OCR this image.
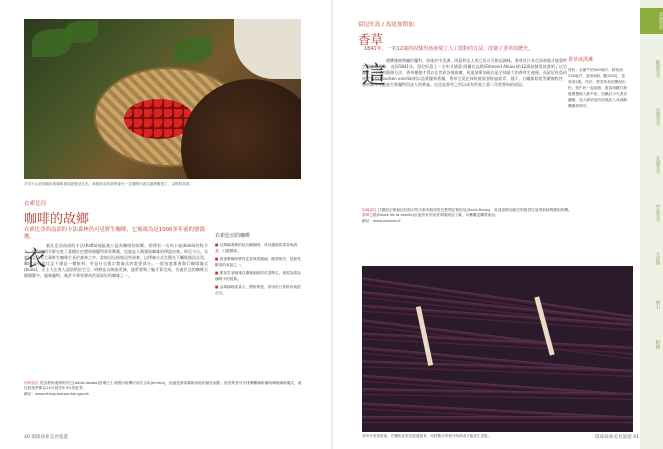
辛苦小心的採摘來的咖啡果成熟後呈紅色；新鮮收成的果實會在一定期間內送往處理廠加工，以保持品質。
衣索比亞
咖啡的故鄉
衣索比亞西南部的卡法森林仍可見野生咖啡，它被視為是1000多年前的發源地。
衣
索比亞西南部的卡法(Kaffa)地區被公認為咖啡的故鄉，相傳有一名叫卡迪(Kaldi)的牧羊人，發現他的羊群在吃了某種紅色漿果後變得異常興奮，這就是人類發現咖啡的傳說由來。時至今日，衣索比亞仍有大量野生咖啡生長於森林之中，當地居民採集這些果實，以傳統方式在陽光下曬乾後再去殼，咖啡在衣索比亞不僅是一種飲料，更是社交與宗教儀式的重要部分。一般家庭都會舉行咖啡儀式(buna)，女主人在客人面前烘焙生豆、研磨並以陶壺煮沸，通常要喝三輪才算完成。衣索比亞的咖啡豆種類繁多，風味獨特，被許多專家譽為世界最好的咖啡之一。
衣索比亞的咖啡

■ 以精緻著稱的哈拉爾咖啡，具有濃郁的果香與酒香，口感醇厚。

■ 西達摩咖啡帶有花香與柑橘調，酸度明亮，是最受歡迎的產區之一。

■ 耶加雪菲咖啡以優雅細緻的花香聞名，被視為精品咖啡中的經典。

■ 金瑪咖啡產量大，價格實惠，常用於日常飲用與混合豆。

如何前往 從首都阿迪斯阿貝巴(Addis Ababa)搭乘巴士或國內班機可前往吉馬(Jimma)，此處是探索咖啡產地的最佳起點。旅遊業者可安排參觀咖啡園與傳統咖啡儀式，最佳旅遊季節為10月到翌年3月的乾季。
網站：www.ethiopiantourism.gov.et
40 環球探索美食旅遊
留尼旺島 / 馬達加斯加
香草
1841年，一名12歲的奴隸男孩發現了人工授粉的方法，改變了香草的歷史。
這
種攀緣植物屬於蘭科，原產於中美洲，阿茲特克人用它為可可飲品調味。香草花只有在原產地才能靠特定的蜂類授粉，直到1841年，留尼旺島上一名叫艾德蒙·阿爾比烏斯(Edmond Albius)的12歲奴隸男孩發明了以竹籤人工授粉的簡便方法，香草種植才得以在世界各地推廣。馬達加斯加現在是全球最大的香草生產國，而留尼旺島的波旁香草(Bourbon vanilla)則以品質優異著稱。香草豆莢在採收後需要經過殺青、發汗、日曬與陰乾等繁複程序，歷時數月才能產生那獨特而迷人的香氣。這也是香草之所以成為世界上第二昂貴香料的原因。
如何前往 法國航空與留尼旺航空每天都有航班從巴黎飛往聖但尼(Saint-Denis)，馬達加斯加航空則提供往返塔那那利佛的班機。香草之路(Route de la Vanille)沿途設有多座香草園與加工廠，可參觀並購買產品。
網站：www.reunion.fr
香草冰淇淋
材料：全脂牛奶500毫升、鮮奶油250毫升、蛋黃6個、糖150克、香草莢2根。作法：將香草莢剖開刮出籽，與牛奶一起加熱；蛋黃與糖打發後慢慢倒入熱牛奶，回鍋以小火煮至濃稠，加入鮮奶油冷卻後放入冰淇淋機攪拌即可。
香草豆莢採收後，在曬乾前需先經過殺青，再經數月的發汗與熟成才能產生香氣。	環球探索美食旅遊 41
非洲美食
歐洲美食
亞洲美食
美洲美食
中東美食
大洋洲
索引
附錄
